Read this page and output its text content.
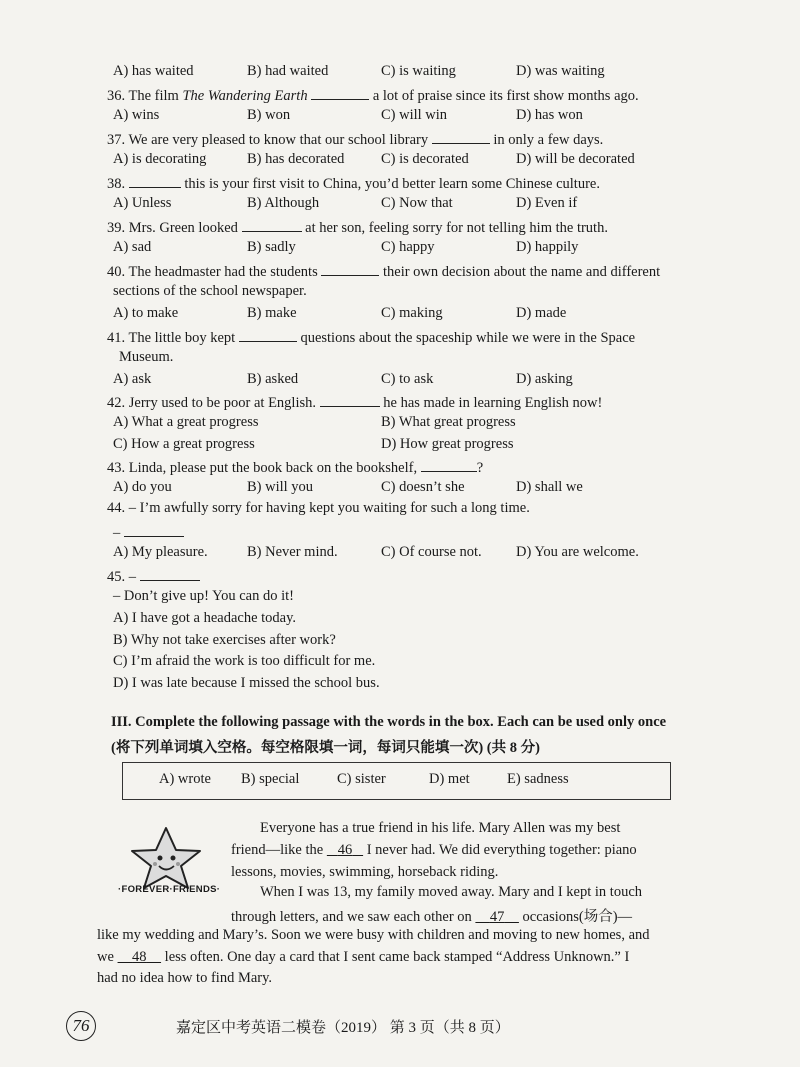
A) has waited	B) had waited	C) is waiting	D) was waiting
36. The film The Wandering Earth	a lot of praise since its first show months ago.
A) wins	B) won	C) will win	D) has won
37. We are very pleased to know that our school library	in only a few days.
A) is decorating	B) has decorated	C) is decorated	D) will be decorated
38.	this is your first visit to China, you’d better learn some Chinese culture.
A) Unless	B) Although	C) Now that	D) Even if
39. Mrs. Green looked	at her son, feeling sorry for not telling him the truth.
A) sad	B) sadly	C) happy	D) happily
40. The headmaster had the students	their own decision about the name and different
sections of the school newspaper.
A) to make	B) make	C) making	D) made
41. The little boy kept	questions about the spaceship while we were in the Space
Museum.
A) ask	B) asked	C) to ask	D) asking
42. Jerry used to be poor at English.	he has made in learning English now!
A) What a great progress	B) What great progress
C) How a great progress	D) How great progress
43. Linda, please put the book back on the bookshelf,	?
A) do you	B) will you	C) doesn’t she	D) shall we
44. – I’m awfully sorry for having kept you waiting for such a long time.
–
A) My pleasure.	B) Never mind.	C) Of course not. D) You are welcome.
45. –
– Don’t give up! You can do it!
A) I have got a headache today.
B) Why not take exercises after work?
C) I’m afraid the work is too difficult for me.
D) I was late because I missed the school bus.
III. Complete the following passage with the words in the box. Each can be used only once
(将下列单词填入空格。每空格限填一词，每词只能填一次) (共 8 分)
A) wrote B) special	C) sister	D) met	E) sadness
·FOREVER·FRIENDS·
Everyone has a true friend in his life. Mary Allen was my best
friend—like the    46    I never had. We did everything together: piano
lessons, movies, swimming, horseback riding.
When I was 13, my family moved away. Mary and I kept in touch
through letters, and we saw each other on     47     occasions(场合)—
like my wedding and Mary’s. Soon we were busy with children and moving to new homes, and
we     48     less often. One day a card that I sent came back stamped “Address Unknown.” I
had no idea how to find Mary.
76	嘉定区中考英语二模卷（2019） 第 3 页（共 8 页）
